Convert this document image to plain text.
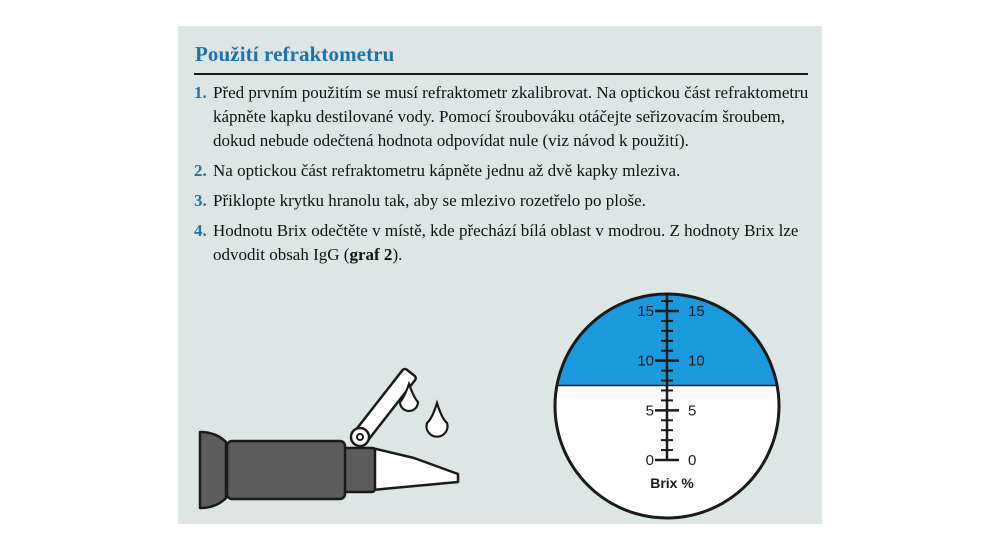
Použití refraktometru
1. Před prvním použitím se musí refraktometr zkalibrovat. Na optickou část refraktometru kápněte kapku destilované vody. Pomocí šroubováku otáčejte seřizovacím šroubem, dokud nebude odečtená hodnota odpovídat nule (viz návod k použití).
2. Na optickou část refraktometru kápněte jednu až dvě kapky mleziva.
3. Přiklopte krytku hranolu tak, aby se mlezivo rozetřelo po ploše.
4. Hodnotu Brix odečtěte v místě, kde přechází bílá oblast v modrou. Z hodnoty Brix lze odvodit obsah IgG (graf 2).
15
10
5
0
15
10
5
0
Brix %
